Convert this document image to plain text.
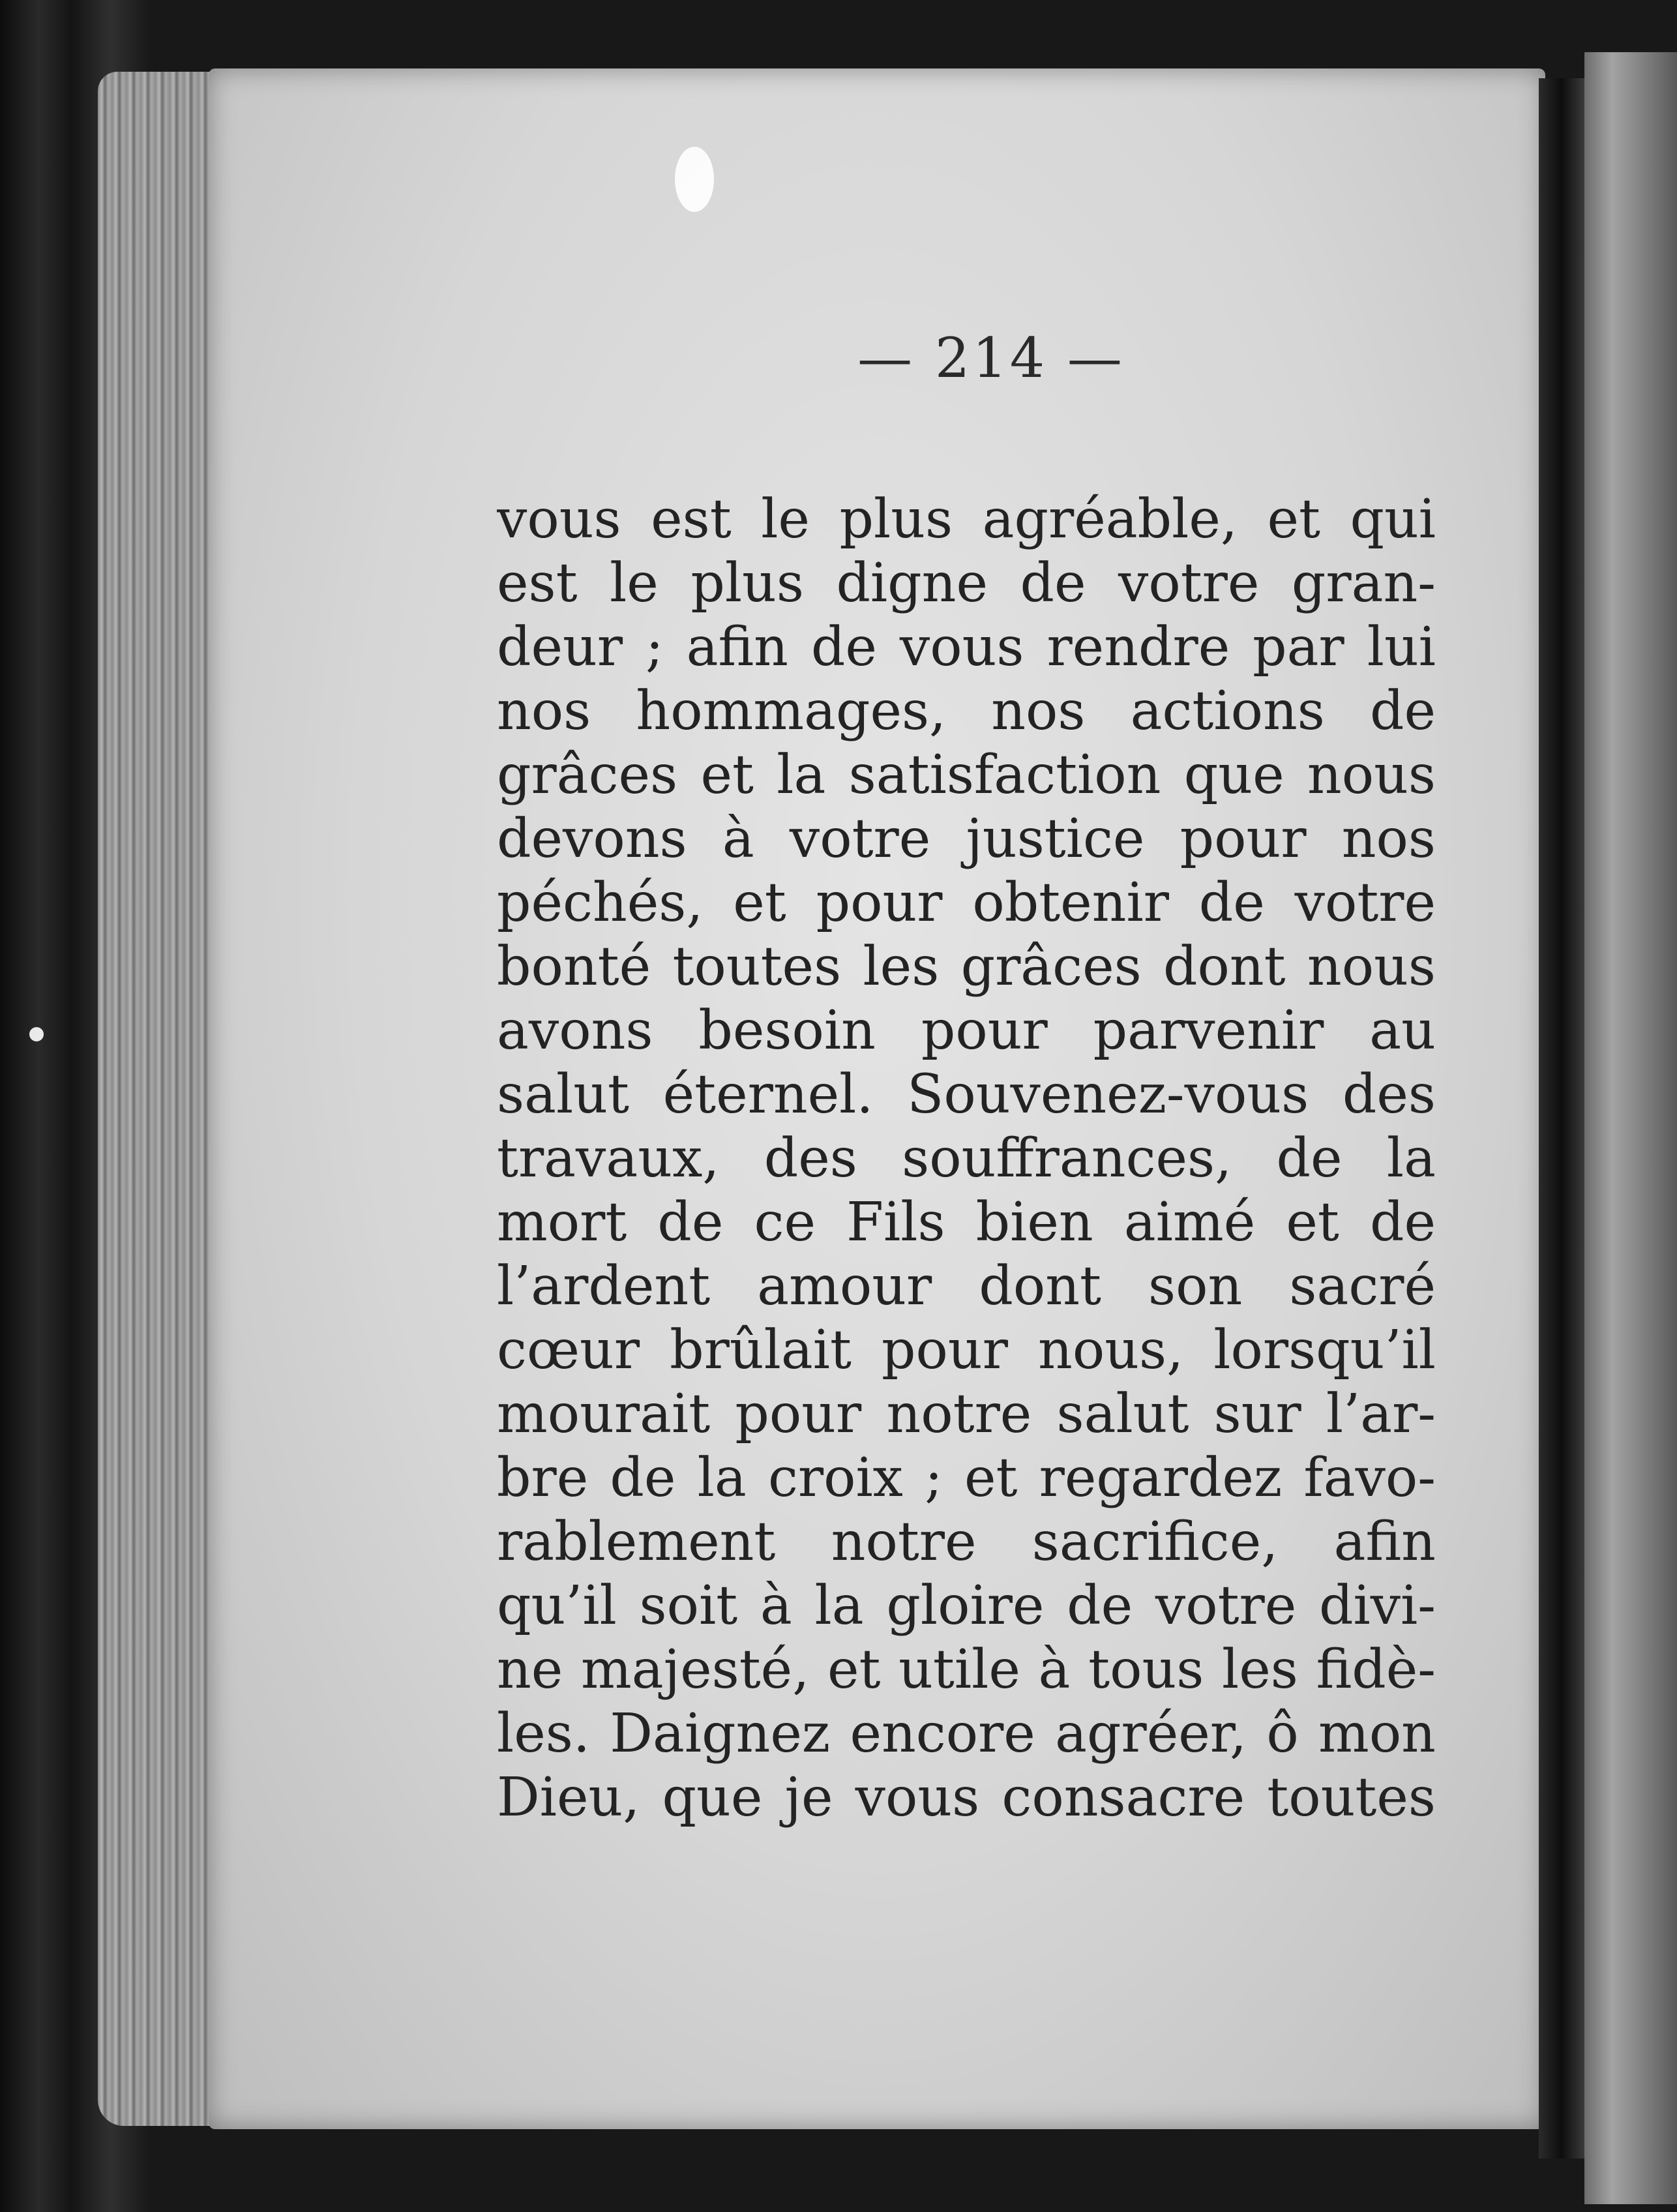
— 214 —
vous est le plus agréable, et qui
est le plus digne de votre gran-
deur ; afin de vous rendre par lui
nos hommages, nos actions de
grâces et la satisfaction que nous
devons à votre justice pour nos
péchés, et pour obtenir de votre
bonté toutes les grâces dont nous
avons besoin pour parvenir au
salut éternel. Souvenez-vous des
travaux, des souffrances, de la
mort de ce Fils bien aimé et de
l’ardent amour dont son sacré
cœur brûlait pour nous, lorsqu’il
mourait pour notre salut sur l’ar-
bre de la croix ; et regardez favo-
rablement notre sacrifice, afin
qu’il soit à la gloire de votre divi-
ne majesté, et utile à tous les fidè-
les. Daignez encore agréer, ô mon
Dieu, que je vous consacre toutes
